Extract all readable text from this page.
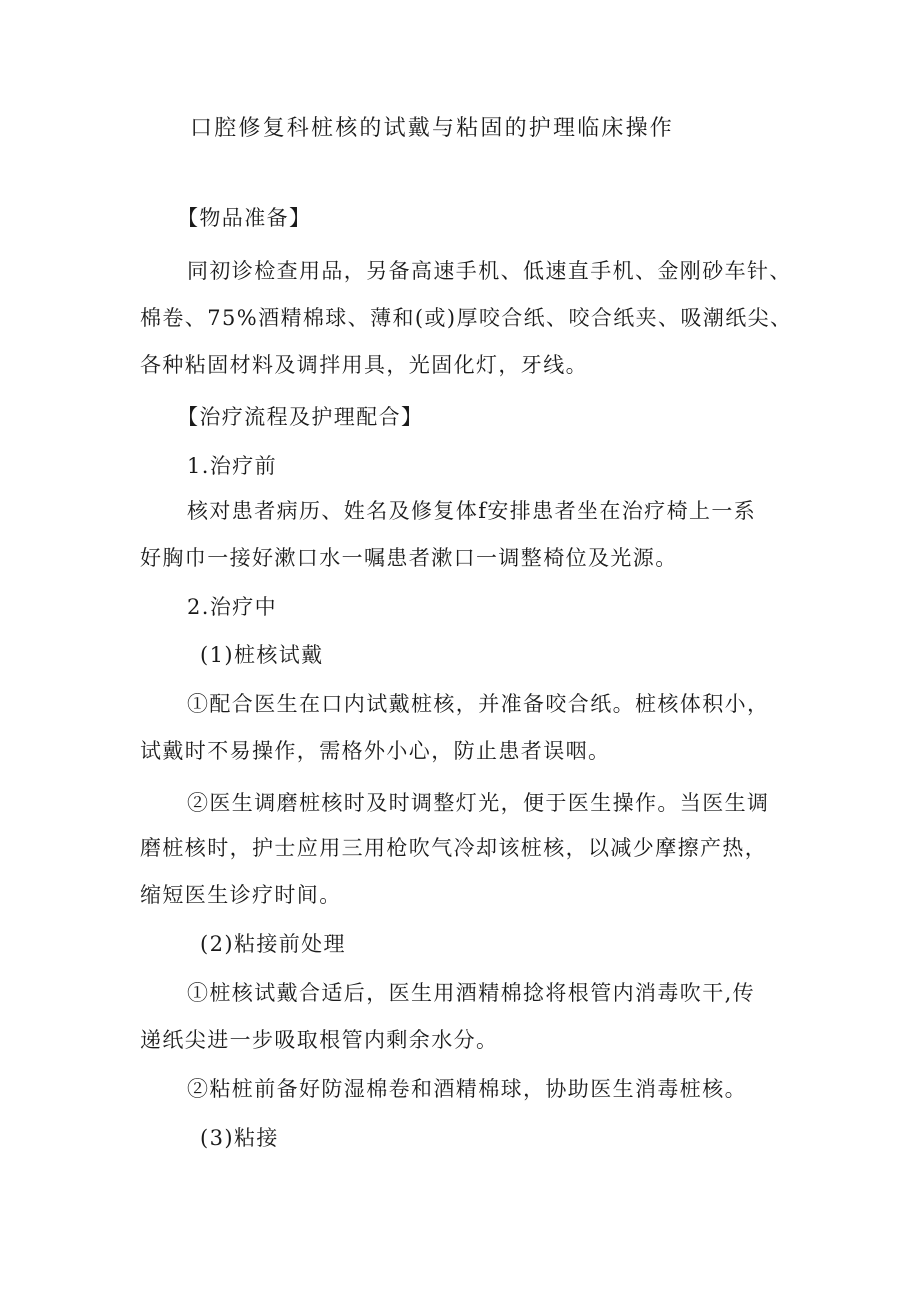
口腔修复科桩核的试戴与粘固的护理临床操作
【物品准备】
同初诊检查用品，另备高速手机、低速直手机、金刚砂车针、
棉卷、75%酒精棉球、薄和(或)厚咬合纸、咬合纸夹、吸潮纸尖、
各种粘固材料及调拌用具，光固化灯，牙线。
【治疗流程及护理配合】
1.治疗前
核对患者病历、姓名及修复体f安排患者坐在治疗椅上一系
好胸巾一接好漱口水一嘱患者漱口一调整椅位及光源。
2.治疗中
(1)桩核试戴
①配合医生在口内试戴桩核，并准备咬合纸。桩核体积小，
试戴时不易操作，需格外小心，防止患者误咽。
②医生调磨桩核时及时调整灯光，便于医生操作。当医生调
磨桩核时，护士应用三用枪吹气冷却该桩核，以减少摩擦产热，
缩短医生诊疗时间。
(2)粘接前处理
①桩核试戴合适后，医生用酒精棉捻将根管内消毒吹干,传
递纸尖进一步吸取根管内剩余水分。
②粘桩前备好防湿棉卷和酒精棉球，协助医生消毒桩核。
(3)粘接
